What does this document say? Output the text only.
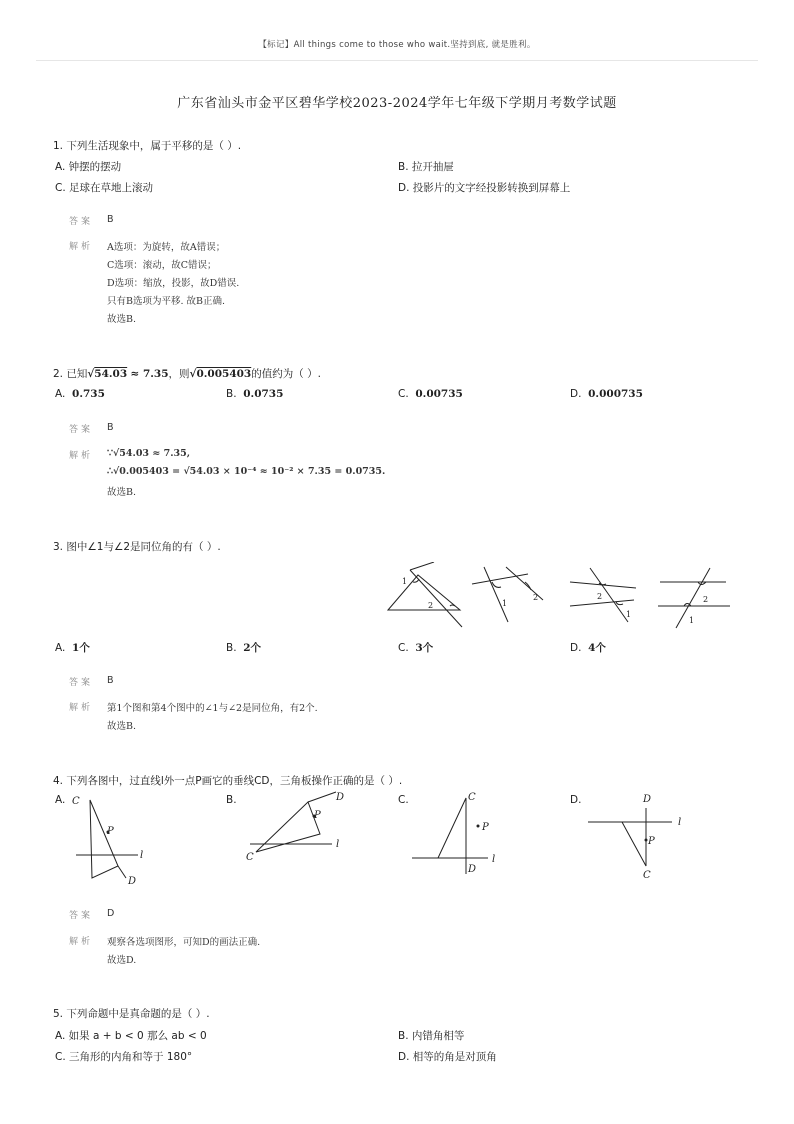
【标记】All things come to those who wait.坚持到底, 就是胜利。
广东省汕头市金平区碧华学校2023-2024学年七年级下学期月考数学试题
1. 下列生活现象中，属于平移的是（ ）.
A. 钟摆的摆动	B. 拉开抽屉
C. 足球在草地上滚动	D. 投影片的文字经投影转换到屏幕上
答案 B
解析 A选项：为旋转，故A错误；
C选项：滚动，故C错误；
D选项：缩放，投影，故D错误.
只有B选项为平移. 故B正确.
故选B.
2. 已知√54.03 ≈ 7.35，则√0.005403的值约为（ ）.
A. 0.735	B. 0.0735	C. 0.00735	D. 0.000735
答案 B
解析 ∵√54.03 ≈ 7.35,
∴√0.005403 = √54.03 × 10⁻⁴ ≈ 10⁻² × 7.35 = 0.0735.
故选B.
3. 图中∠1与∠2是同位角的有（ ）.
1
2	1
2	2
1
2
1
A. 1个	B. 2个	C. 3个	D. 4个
答案 B
解析 第1个图和第4个图中的∠1与∠2是同位角，有2个.
故选B.
4. 下列各图中，过直线l外一点P画它的垂线CD，三角板操作正确的是（ ）.
A.	B.	C.	D.
C
P
l
D
D
P
l
C
C
P
l
D
D
l
P
C
答案 D
解析 观察各选项图形，可知D的画法正确.
故选D.
5. 下列命题中是真命题的是（ ）.
A. 如果 a + b < 0 那么 ab < 0	B. 内错角相等
C. 三角形的内角和等于 180°	D. 相等的角是对顶角
